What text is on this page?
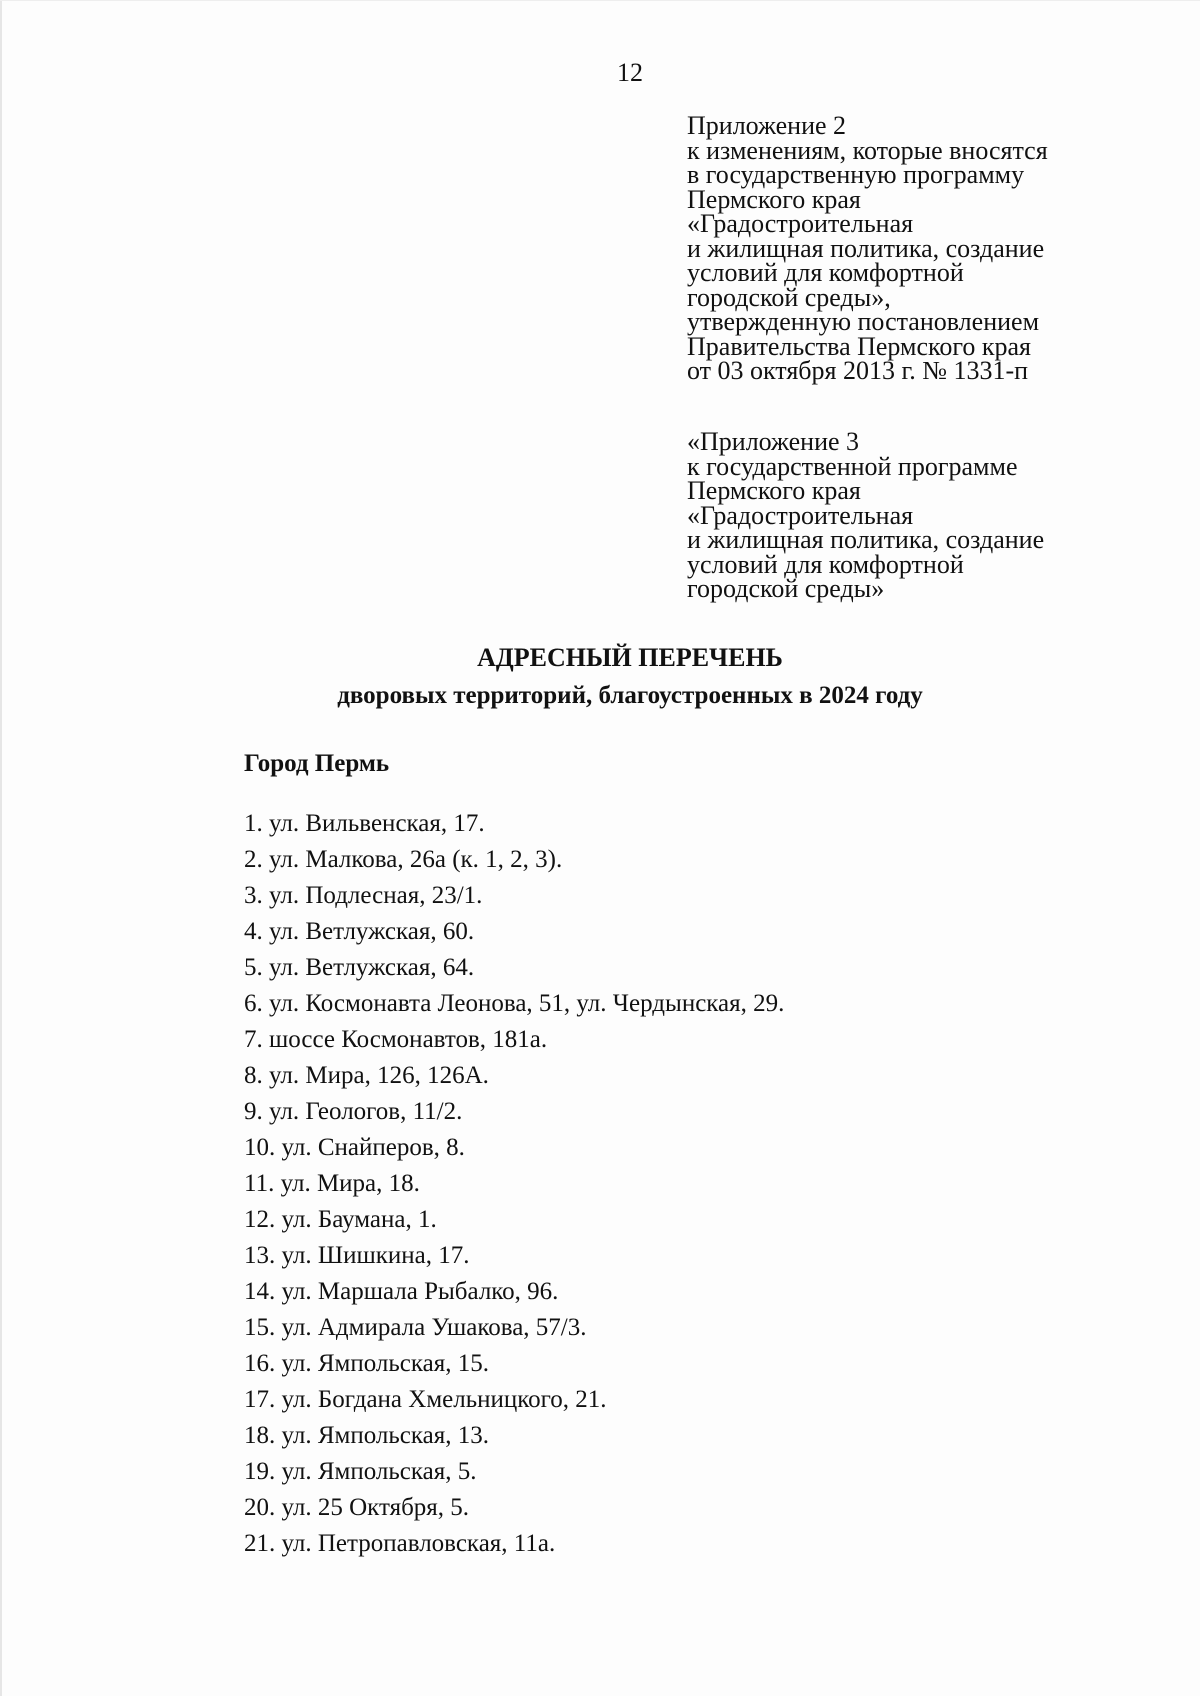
12
Приложение 2
к изменениям, которые вносятся
в государственную программу
Пермского края
«Градостроительная
и жилищная политика, создание
условий для комфортной
городской среды»,
утвержденную постановлением
Правительства Пермского края
от 03 октября 2013 г. № 1331-п
«Приложение 3
к государственной программе
Пермского края
«Градостроительная
и жилищная политика, создание
условий для комфортной
городской среды»
АДРЕСНЫЙ ПЕРЕЧЕНЬ
дворовых территорий, благоустроенных в 2024 году
Город Пермь
1. ул. Вильвенская, 17.
2. ул. Малкова, 26а (к. 1, 2, 3).
3. ул. Подлесная, 23/1.
4. ул. Ветлужская, 60.
5. ул. Ветлужская, 64.
6. ул. Космонавта Леонова, 51, ул. Чердынская, 29.
7. шоссе Космонавтов, 181а.
8. ул. Мира, 126, 126А.
9. ул. Геологов, 11/2.
10. ул. Снайперов, 8.
11. ул. Мира, 18.
12. ул. Баумана, 1.
13. ул. Шишкина, 17.
14. ул. Маршала Рыбалко, 96.
15. ул. Адмирала Ушакова, 57/3.
16. ул. Ямпольская, 15.
17. ул. Богдана Хмельницкого, 21.
18. ул. Ямпольская, 13.
19. ул. Ямпольская, 5.
20. ул. 25 Октября, 5.
21. ул. Петропавловская, 11а.
